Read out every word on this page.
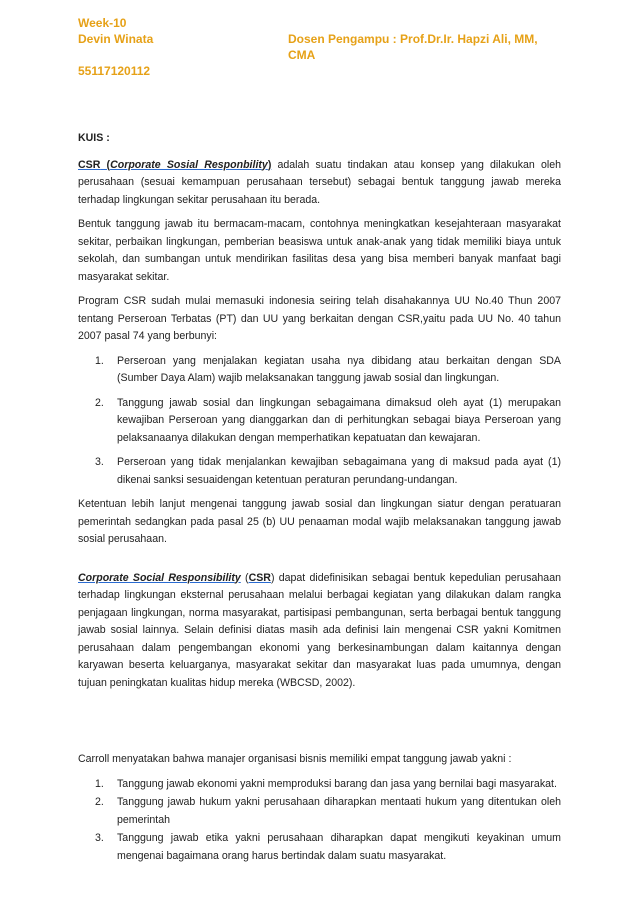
Week-10
Devin Winata	Dosen Pengampu : Prof.Dr.Ir. Hapzi Ali, MM, CMA
55117120112
KUIS :

CSR (Corporate Sosial Responbility) adalah suatu tindakan atau konsep yang dilakukan oleh perusahaan (sesuai kemampuan perusahaan tersebut) sebagai bentuk tanggung jawab mereka terhadap lingkungan sekitar perusahaan itu berada.

Bentuk tanggung jawab itu bermacam-macam, contohnya meningkatkan kesejahteraan masyarakat sekitar, perbaikan lingkungan, pemberian beasiswa untuk anak-anak yang tidak memiliki biaya untuk sekolah, dan sumbangan untuk mendirikan fasilitas desa yang bisa memberi banyak manfaat bagi masyarakat sekitar.

Program CSR sudah mulai memasuki indonesia seiring telah disahakannya UU No.40 Thun 2007 tentang Perseroan Terbatas (PT) dan UU yang berkaitan dengan CSR,yaitu pada UU No. 40 tahun 2007 pasal 74 yang berbunyi:

1.	Perseroan yang menjalakan kegiatan usaha nya dibidang atau berkaitan dengan SDA (Sumber Daya Alam) wajib melaksanakan tanggung jawab sosial dan lingkungan.
2.	Tanggung jawab sosial dan lingkungan sebagaimana dimaksud oleh ayat (1) merupakan kewajiban Perseroan yang dianggarkan dan di perhitungkan sebagai biaya Perseroan yang pelaksanaanya dilakukan dengan memperhatikan kepatuatan dan kewajaran.
3.	Perseroan yang tidak menjalankan kewajiban sebagaimana yang di maksud pada ayat (1) dikenai sanksi sesuaidengan ketentuan peraturan perundang-undangan.

Ketentuan lebih lanjut mengenai tanggung jawab sosial dan lingkungan siatur dengan peratuaran pemerintah sedangkan pada pasal 25 (b) UU penaaman modal wajib melaksanakan tanggung jawab sosial perusahaan.

Corporate Social Responsibility (CSR) dapat didefinisikan sebagai bentuk kepedulian perusahaan terhadap lingkungan eksternal perusahaan melalui berbagai kegiatan yang dilakukan dalam rangka penjagaan lingkungan, norma masyarakat, partisipasi pembangunan, serta berbagai bentuk tanggung jawab sosial lainnya. Selain definisi diatas masih ada definisi lain mengenai CSR yakni Komitmen perusahaan dalam pengembangan ekonomi yang berkesinambungan dalam kaitannya dengan karyawan beserta keluarganya, masyarakat sekitar dan masyarakat luas pada umumnya, dengan tujuan peningkatan kualitas hidup mereka (WBCSD, 2002).

Carroll menyatakan bahwa manajer organisasi bisnis memiliki empat tanggung jawab yakni :

1.	Tanggung jawab ekonomi yakni memproduksi barang dan jasa yang bernilai bagi masyarakat.
2.	Tanggung jawab hukum yakni perusahaan diharapkan mentaati hukum yang ditentukan oleh pemerintah
3.	Tanggung jawab etika yakni perusahaan diharapkan dapat mengikuti keyakinan umum mengenai bagaimana orang harus bertindak dalam suatu masyarakat.
